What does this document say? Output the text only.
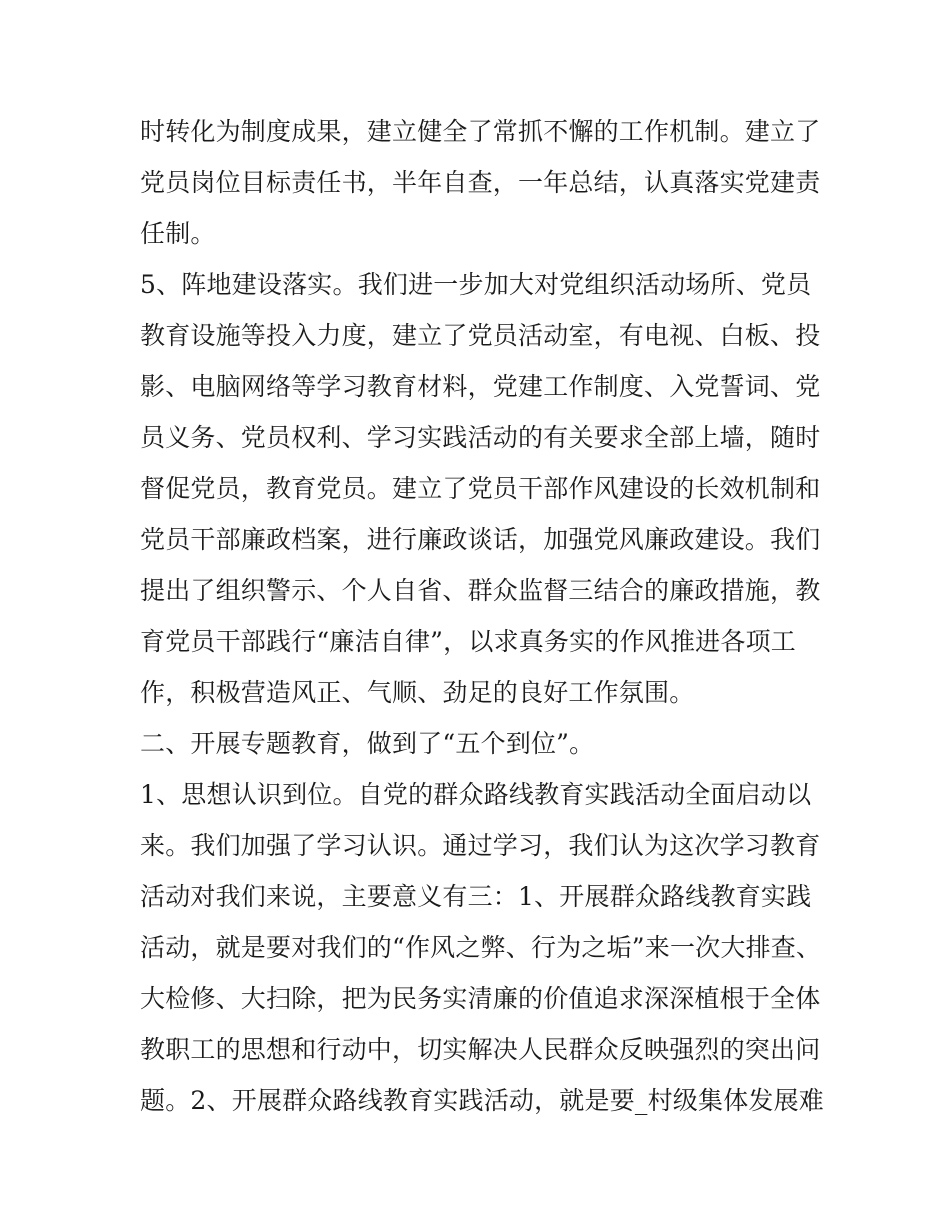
时转化为制度成果，建立健全了常抓不懈的工作机制。建立了
党员岗位目标责任书，半年自查，一年总结，认真落实党建责
任制。
5、阵地建设落实。我们进一步加大对党组织活动场所、党员
教育设施等投入力度，建立了党员活动室，有电视、白板、投
影、电脑网络等学习教育材料，党建工作制度、入党誓词、党
员义务、党员权利、学习实践活动的有关要求全部上墙，随时
督促党员，教育党员。建立了党员干部作风建设的长效机制和
党员干部廉政档案，进行廉政谈话，加强党风廉政建设。我们
提出了组织警示、个人自省、群众监督三结合的廉政措施，教
育党员干部践行“廉洁自律”，以求真务实的作风推进各项工
作，积极营造风正、气顺、劲足的良好工作氛围。
二、开展专题教育，做到了“五个到位”。
1、思想认识到位。自党的群众路线教育实践活动全面启动以
来。我们加强了学习认识。通过学习，我们认为这次学习教育
活动对我们来说，主要意义有三：1、开展群众路线教育实践
活动，就是要对我们的“作风之弊、行为之垢”来一次大排查、
大检修、大扫除，把为民务实清廉的价值追求深深植根于全体
教职工的思想和行动中，切实解决人民群众反映强烈的突出问
题。2、开展群众路线教育实践活动，就是要_村级集体发展难
